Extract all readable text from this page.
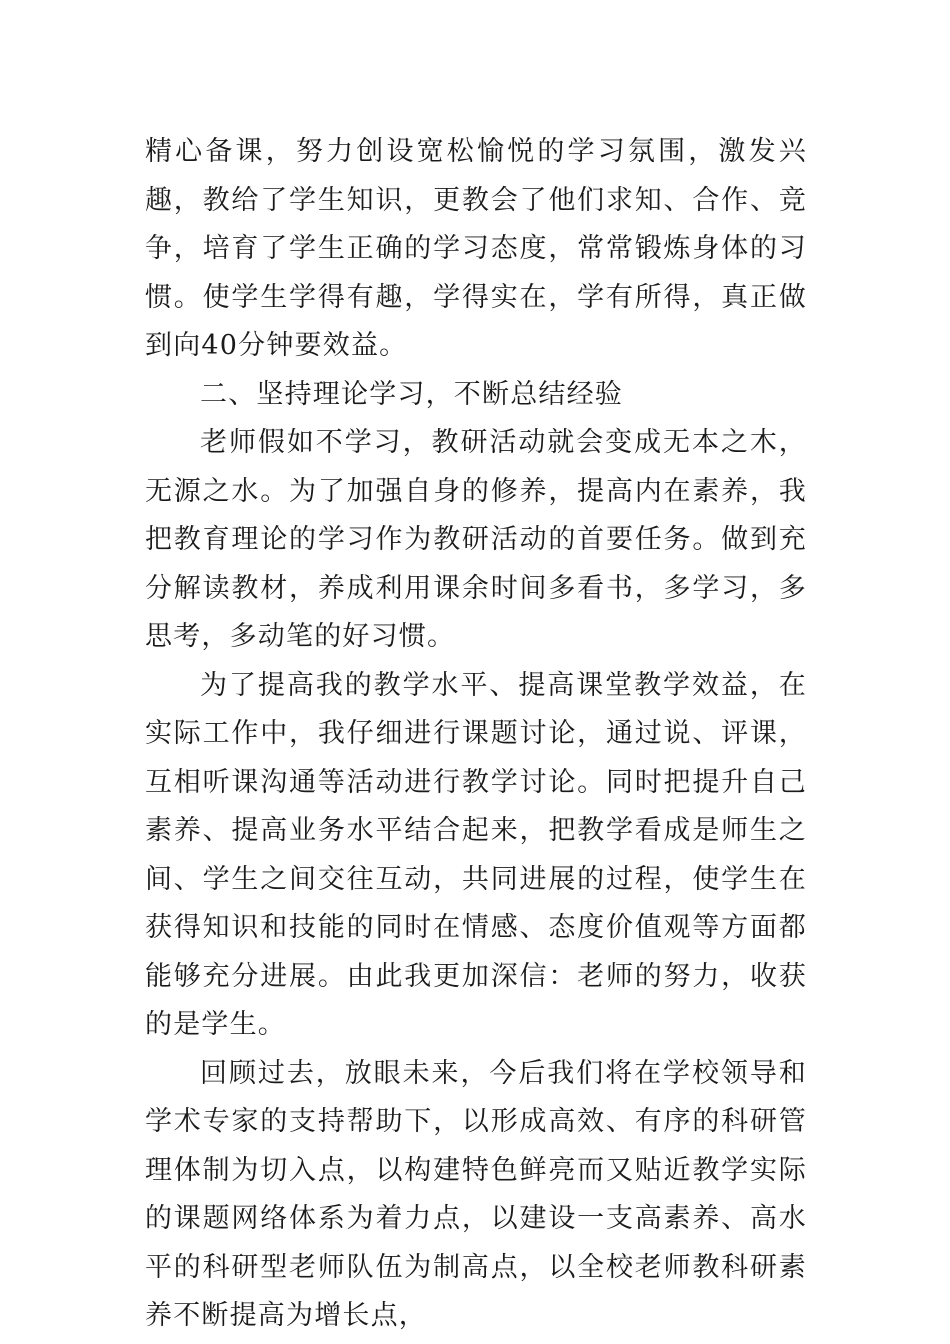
精心备课，努力创设宽松愉悦的学习氛围，激发兴趣，教给了学生知识，更教会了他们求知、合作、竞争，培育了学生正确的学习态度，常常锻炼身体的习惯。使学生学得有趣，学得实在，学有所得，真正做到向40分钟要效益。

二、坚持理论学习，不断总结经验

老师假如不学习，教研活动就会变成无本之木，无源之水。为了加强自身的修养，提高内在素养，我把教育理论的学习作为教研活动的首要任务。做到充分解读教材，养成利用课余时间多看书，多学习，多思考，多动笔的好习惯。

为了提高我的教学水平、提高课堂教学效益，在实际工作中，我仔细进行课题讨论，通过说、评课，互相听课沟通等活动进行教学讨论。同时把提升自己素养、提高业务水平结合起来，把教学看成是师生之间、学生之间交往互动，共同进展的过程，使学生在获得知识和技能的同时在情感、态度价值观等方面都能够充分进展。由此我更加深信：老师的努力，收获的是学生。

回顾过去，放眼未来，今后我们将在学校领导和学术专家的支持帮助下，以形成高效、有序的科研管理体制为切入点，以构建特色鲜亮而又贴近教学实际的课题网络体系为着力点，以建设一支高素养、高水平的科研型老师队伍为制高点，以全校老师教科研素养不断提高为增长点，
